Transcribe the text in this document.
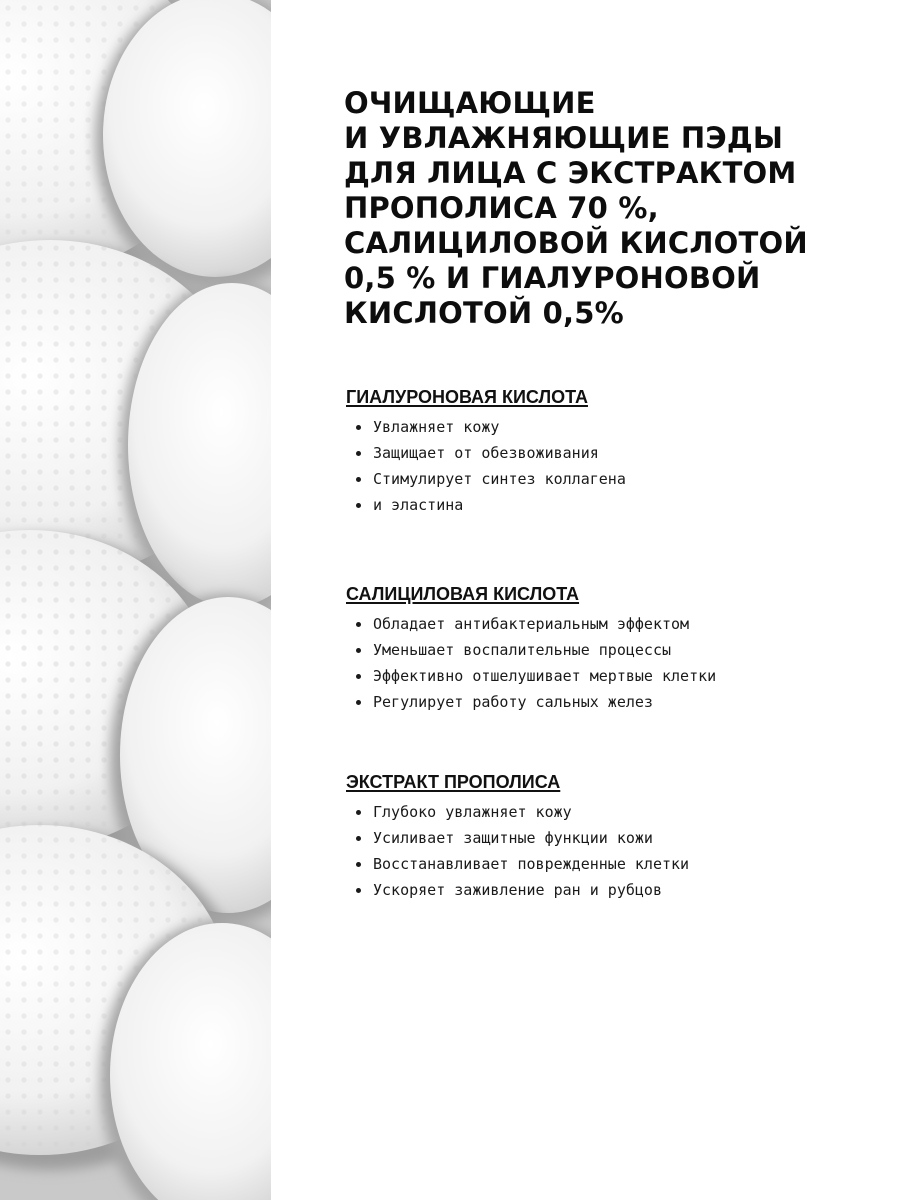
ОЧИЩАЮЩИЕ
И УВЛАЖНЯЮЩИЕ ПЭДЫ
ДЛЯ ЛИЦА С ЭКСТРАКТОМ
ПРОПОЛИСА 70 %,
САЛИЦИЛОВОЙ КИСЛОТОЙ
0,5 % И ГИАЛУРОНОВОЙ
КИСЛОТОЙ 0,5%
ГИАЛУРОНОВАЯ КИСЛОТА
Увлажняет кожу
Защищает от обезвоживания
Стимулирует синтез коллагена
и эластина
САЛИЦИЛОВАЯ КИСЛОТА
Обладает антибактериальным эффектом
Уменьшает воспалительные процессы
Эффективно отшелушивает мертвые клетки
Регулирует работу сальных желез
ЭКСТРАКТ ПРОПОЛИСА
Глубоко увлажняет кожу
Усиливает защитные функции кожи
Восстанавливает поврежденные клетки
Ускоряет заживление ран и рубцов
